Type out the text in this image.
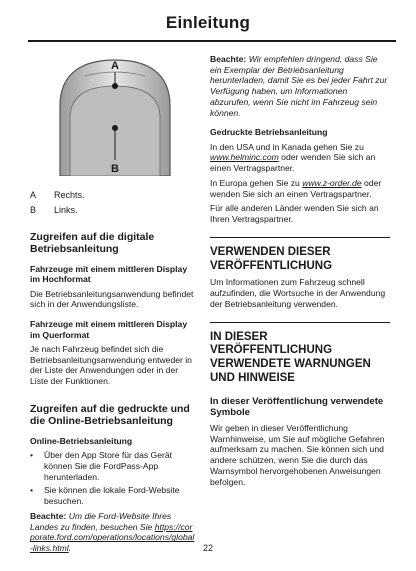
Einleitung
A
B
A	Rechts.
B	Links.
Zugreifen auf die digitale Betriebsanleitung
Fahrzeuge mit einem mittleren Display im Hochformat

Die Betriebsanleitungsanwendung befindet sich in der Anwendungsliste.

Fahrzeuge mit einem mittleren Display im Querformat

Je nach Fahrzeug befindet sich die Betriebsanleitungsanwendung entweder in der Liste der Anwendungen oder in der Liste der Funktionen.

Zugreifen auf die gedruckte und die Online-Betriebsanleitung
Online-Betriebsanleitung
•	Über den App Store für das Gerät können Sie die FordPass-App herunterladen.
•	Sie können die lokale Ford-Website besuchen.

Beachte: Um die Ford-Website Ihres Landes zu finden, besuchen Sie https://corporate.ford.com/operations/locations/global-links.html.

Beachte: Wir empfehlen dringend, dass Sie ein Exemplar der Betriebsanleitung herunterladen, damit Sie es bei jeder Fahrt zur Verfügung haben, um Informationen abzurufen, wenn Sie nicht im Fahrzeug sein können.

Gedruckte Betriebsanleitung

In den USA und in Kanada gehen Sie zu www.helminc.com oder wenden Sie sich an einen Vertragspartner.

In Europa gehen Sie zu www.z-order.de oder wenden Sie sich an einen Vertragspartner.

Für alle anderen Länder wenden Sie sich an Ihren Vertragspartner.

VERWENDEN DIESER VERÖFFENTLICHUNG

Um Informationen zum Fahrzeug schnell aufzufinden, die Wortsuche in der Anwendung der Betriebsanleitung verwenden.

IN DIESER VERÖFFENTLICHUNG VERWENDETE WARNUNGEN UND HINWEISE
In dieser Veröffentlichung verwendete Symbole

Wir geben in dieser Veröffentlichung Warnhinweise, um Sie auf mögliche Gefahren aufmerksam zu machen. Sie können sich und andere schützen, wenn Sie die durch das Warnsymbol hervorgehobenen Anweisungen befolgen.

22
